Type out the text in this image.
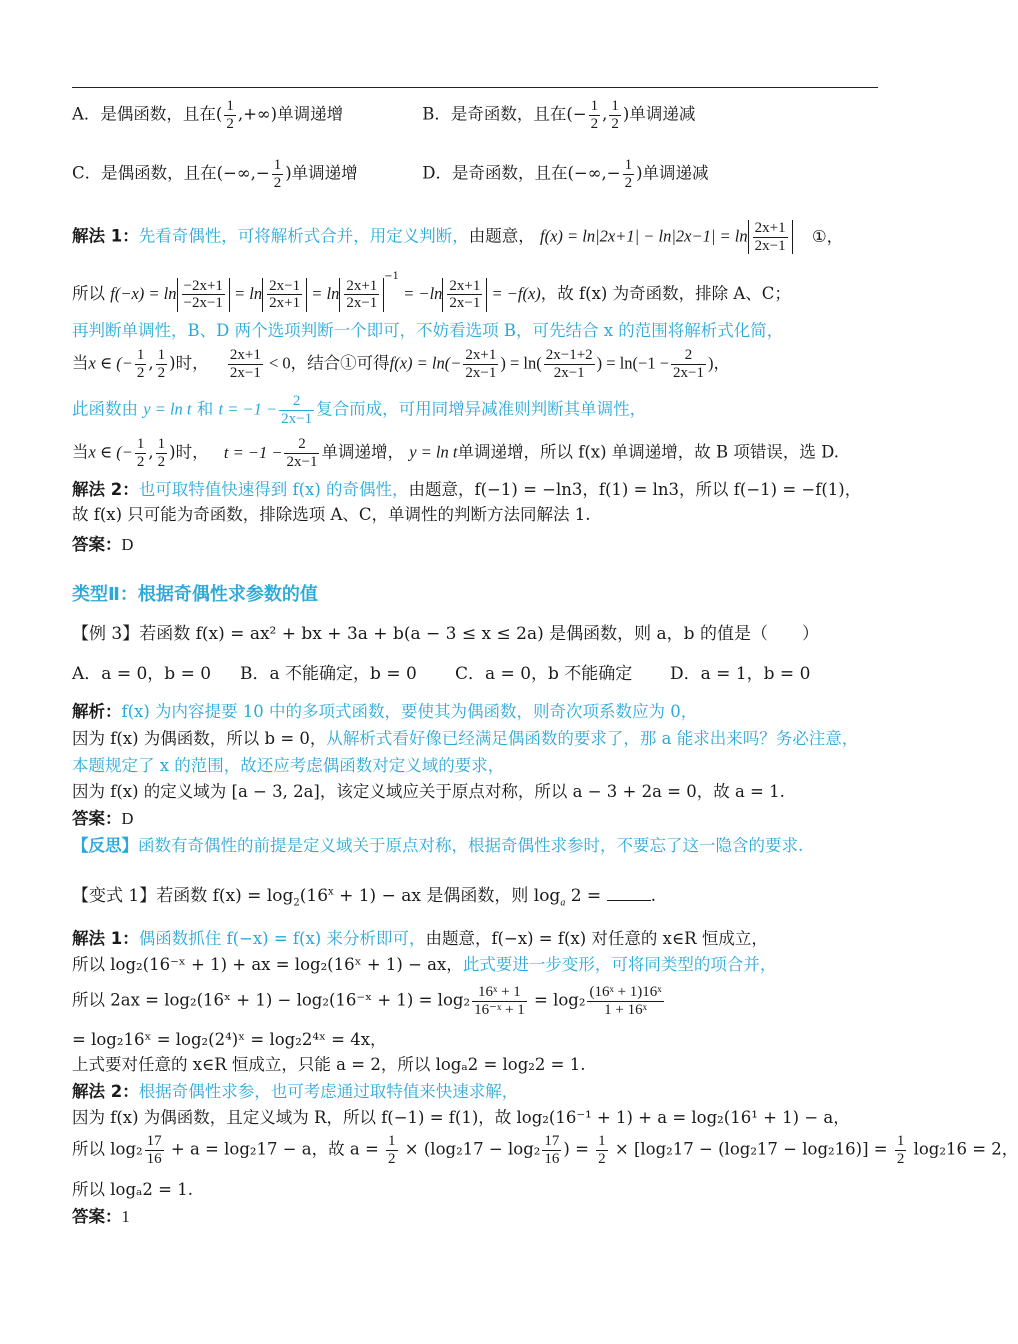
A．是偶函数，且在( $\frac{1}{2}$ ,+∞)单调递增	B．是奇函数，且在(− $\frac{1}{2}$ , $\frac{1}{2}$ )单调递减
C．是偶函数，且在(−∞,− $\frac{1}{2}$ )单调递增	D．是奇函数，且在(−∞,− $\frac{1}{2}$ )单调递减
解法 1：先看奇偶性，可将解析式合并，用定义判断，由题意， $f(x) = \ln|2x+1| - \ln|2x-1| = \ln \frac{2x+1}{2x-1}$ ①，
所以 $f(-x) = \ln \frac{-2x+1}{-2x-1} = \ln \frac{2x-1}{2x+1} = \ln \frac{2x+1}{2x-1}$
$^{-1} = -\ln \frac{2x+1}{2x-1} = -f(x)$，故 f(x) 为奇函数，排除 A、C；
再判断单调性，B、D 两个选项判断一个即可，不妨看选项 B，可先结合 x 的范围将解析式化简，
当x ∈ (− $\frac{1}{2}$ , $\frac{1}{2}$ )时， $\frac{2x+1}{2x-1} < 0$，结合①可得$f(x) = \ln(- \frac{2x+1}{2x-1}$ ) = $\ln( \frac{2x-1+2}{2x-1}$ ) = $\ln(-1 - \frac{2}{2x-1}$ )，
此函数由 y = ln t 和 $t = -1 - \frac{2}{2x-1}$ 复合而成，可用同增异减准则判断其单调性，
当x ∈ (− $\frac{1}{2}$ , $\frac{1}{2}$ )时， $t = -1 - \frac{2}{2x-1}$ 单调递增， y = ln t单调递增，所以 f(x) 单调递增，故 B 项错误，选 D.
解法 2：也可取特值快速得到 f(x) 的奇偶性，由题意，f(−1) = −ln3，f(1) = ln3，所以 f(−1) = −f(1)，
故 f(x) 只可能为奇函数，排除选项 A、C，单调性的判断方法同解法 1.
答案：D
类型Ⅱ：根据奇偶性求参数的值
【例 3】若函数 f(x) = ax² + bx + 3a + b(a − 3 ≤ x ≤ 2a) 是偶函数，则 a，b 的值是（　　）
A．a = 0，b = 0 B．a 不能确定，b = 0 C．a = 0，b 不能确定 D．a = 1，b = 0
解析：f(x) 为内容提要 10 中的多项式函数，要使其为偶函数，则奇次项系数应为 0，
因为 f(x) 为偶函数，所以 b = 0，从解析式看好像已经满足偶函数的要求了，那 a 能求出来吗？务必注意，
本题规定了 x 的范围，故还应考虑偶函数对定义域的要求，
因为 f(x) 的定义域为 [a − 3, 2a]，该定义域应关于原点对称，所以 a − 3 + 2a = 0，故 a = 1.
答案：D
【反思】函数有奇偶性的前提是定义域关于原点对称，根据奇偶性求参时，不要忘了这一隐含的要求.
【变式 1】若函数 $f(x) = \log_2(16^x + 1)$ − ax 是偶函数，则 $\log_a 2$ =	.
解法 1：偶函数抓住 f(−x) = f(x) 来分析即可，由题意，f(−x) = f(x) 对任意的 x∈R 恒成立，
所以 log₂(16⁻ˣ + 1) + ax = log₂(16ˣ + 1) − ax，此式要进一步变形，可将同类型的项合并，
所以 2ax = log₂(16ˣ + 1) − log₂(16⁻ˣ + $1) = \log_2 \frac{\text{16ˣ + 1}}{\text{16⁻ˣ + 1}} = \log_2 \frac{\text{(16ˣ + 1)16ˣ}}{\text{1 + 16ˣ}}$
= log₂16ˣ = log₂(2⁴)ˣ = log₂2⁴ˣ = 4x，
上式要对任意的 x∈R 恒成立，只能 a = 2，所以 logₐ2 = log₂2 = 1.
解法 2：根据奇偶性求参，也可考虑通过取特值来快速求解，
因为 f(x) 为偶函数，且定义域为 R，所以 f(−1) = f(1)，故 log₂(16⁻¹ + 1) + a = log₂(16¹ + 1) − a，
所以 $\log_2 \frac{17}{16} + a = \log_217 - a$，故 $a = \frac{1}{2} \times (\log_217 - \log_2 \frac{17}{16}$ ) = $\frac{1}{2} \times [\log_217 - (\log_217 - \log_216)] = \frac{1}{2} \log_216 = 2$，
所以 logₐ2 = 1.
答案：1
